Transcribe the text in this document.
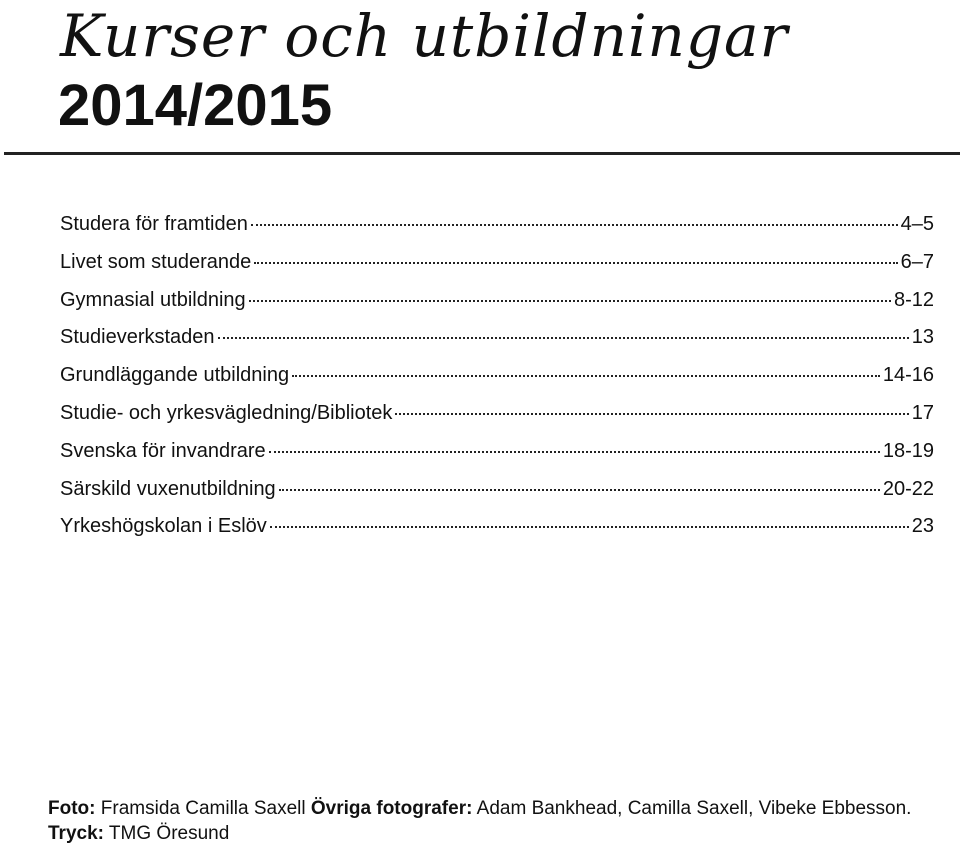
Kurser och utbildningar
2014/2015
Studera för framtiden	4–5
Livet som studerande	6–7
Gymnasial utbildning	8-12
Studieverkstaden	13
Grundläggande utbildning	14-16
Studie- och yrkesvägledning/Bibliotek	17
Svenska för invandrare	18-19
Särskild vuxenutbildning	20-22
Yrkeshögskolan i Eslöv	23
Foto: Framsida Camilla Saxell Övriga fotografer: Adam Bankhead, Camilla Saxell, Vibeke Ebbesson.
Tryck: TMG Öresund
